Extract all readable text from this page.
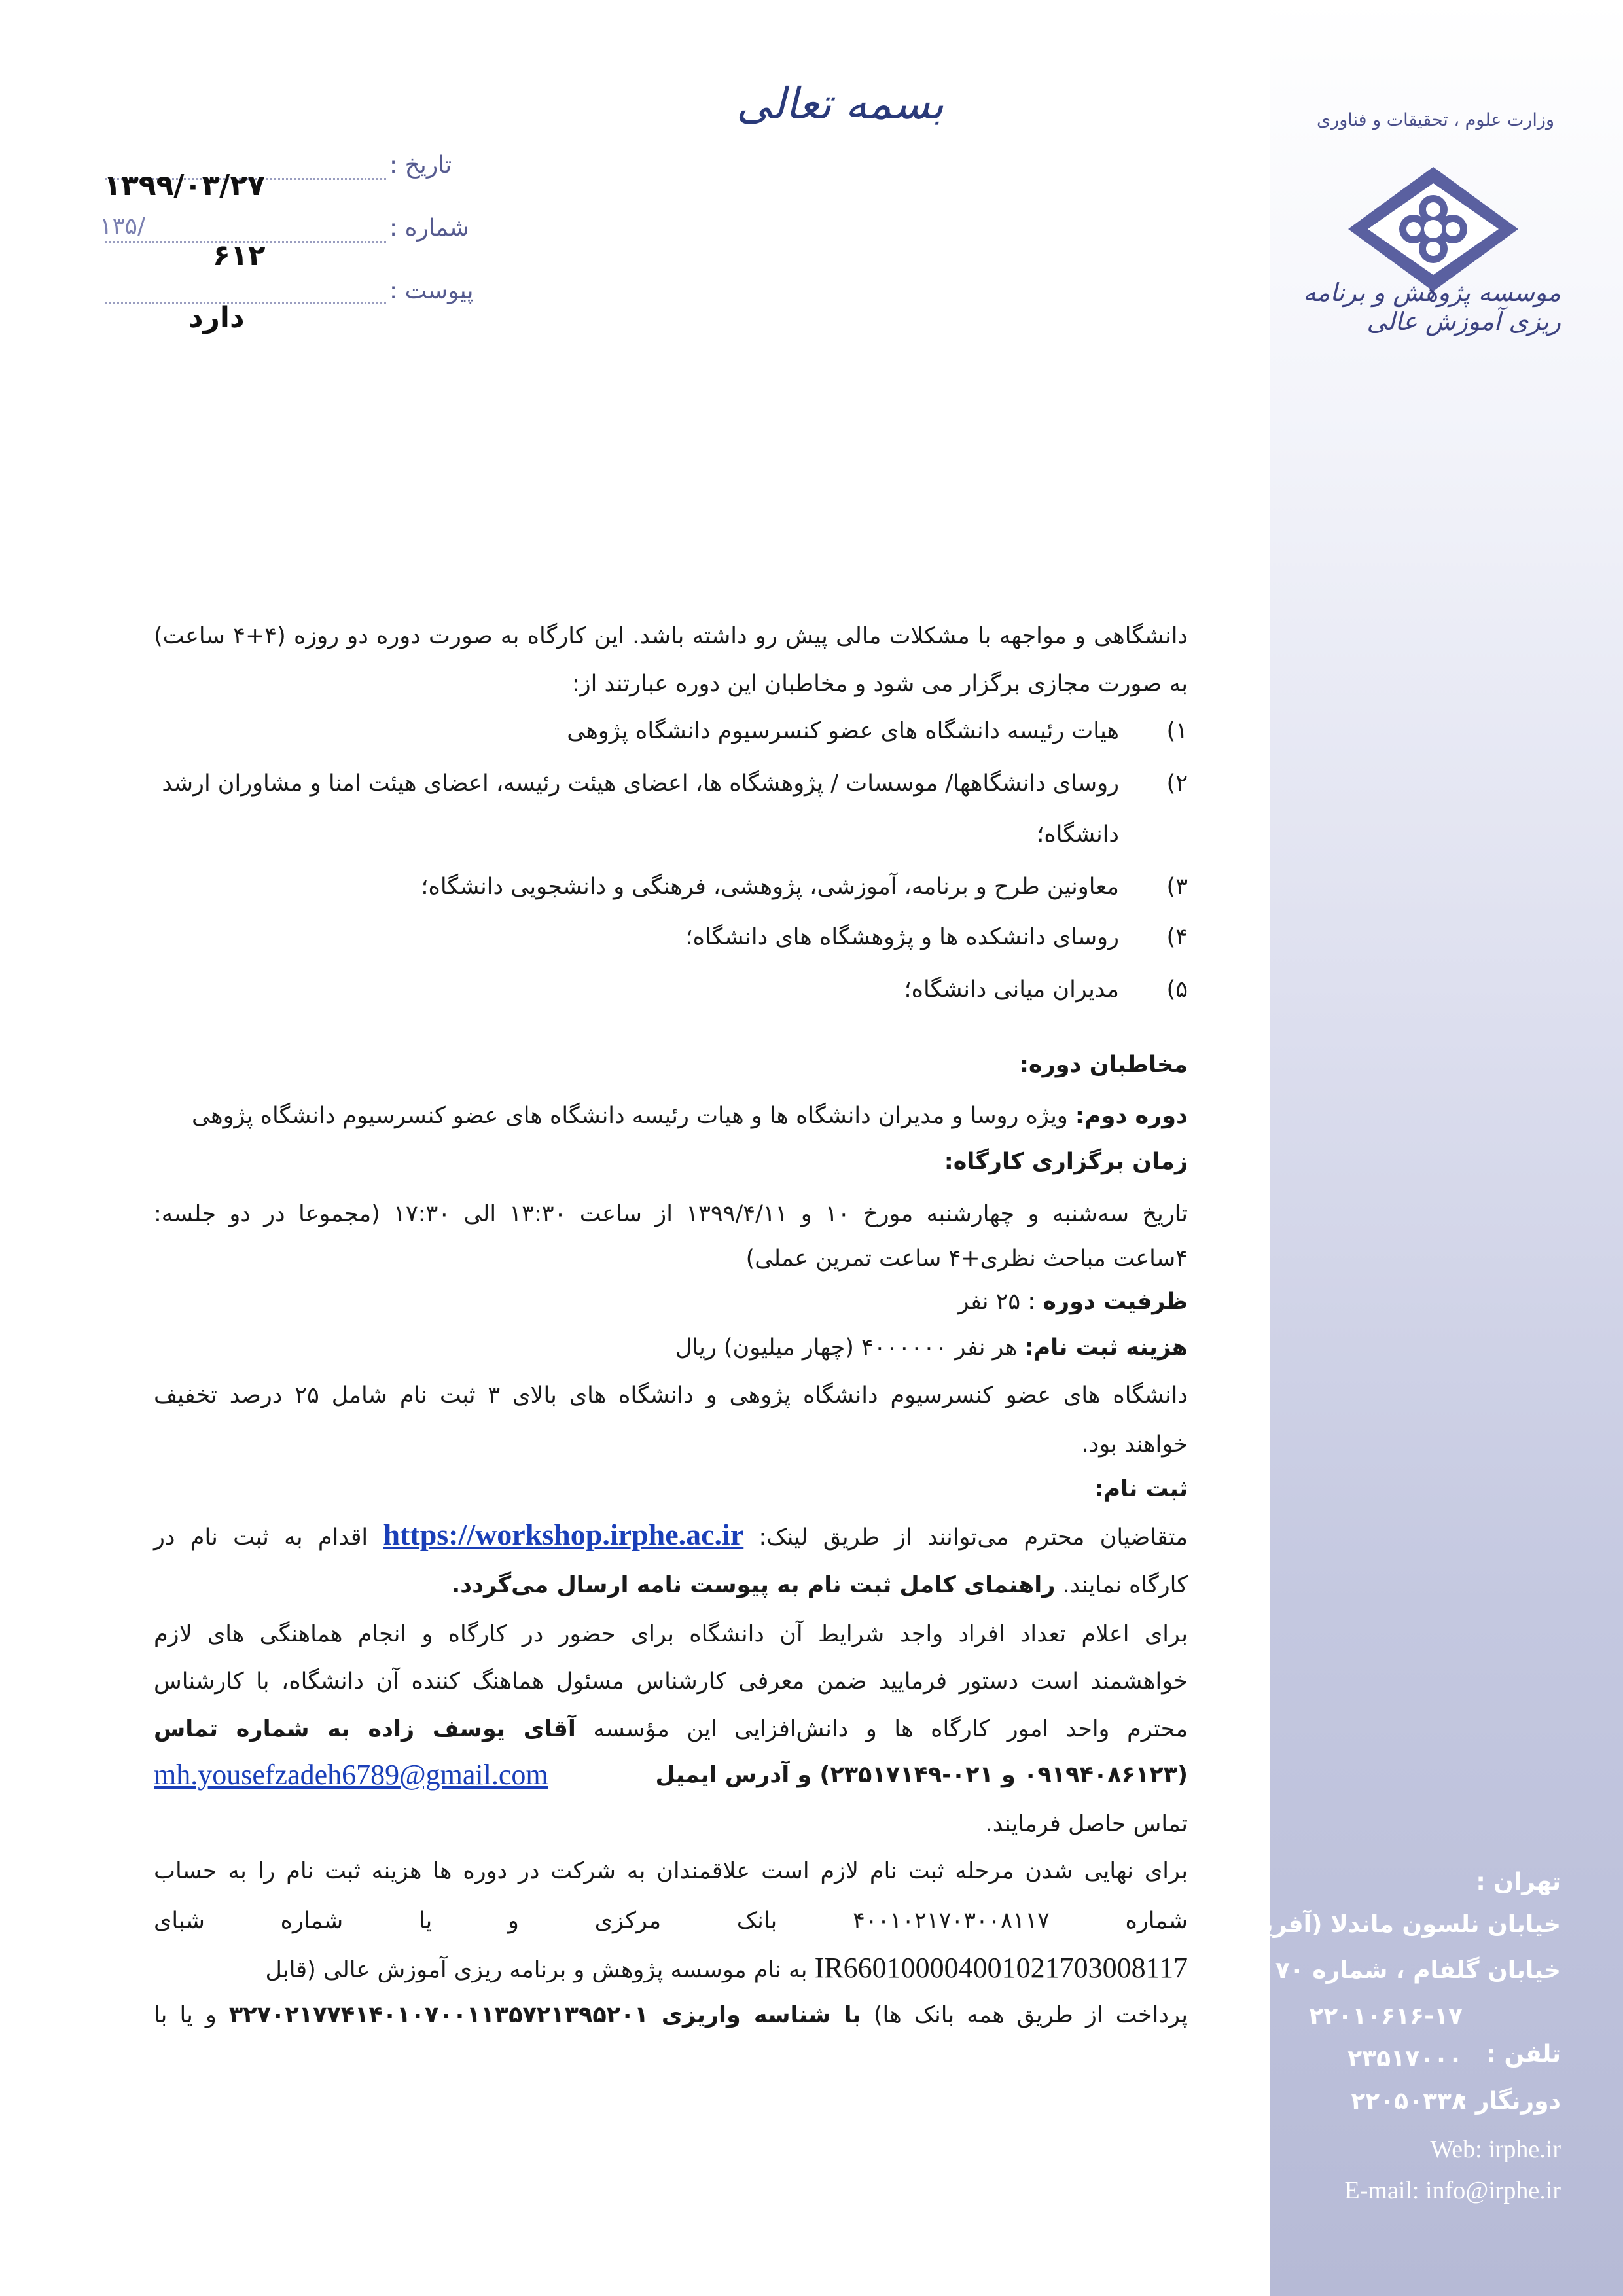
وزارت علوم ، تحقیقات و فناوری
موسسه پژوهش و برنامه ریزی آموزش عالی
تهران :
خیابان نلسون ماندلا (آفریقا)
خیابان گلفام ، شماره ۷۰
۲۲۰۱۰۶۱۶-۱۷
تلفن :
۲۳۵۱۷۰۰۰
دورنگار :
۲۲۰۵۰۳۳۸
Web: irphe.ir
E-mail: info@irphe.ir
بسمه تعالی
تاریخ :
۱۳۹۹/۰۳/۲۷
شماره :
۱۳۵/
۶۱۲
پیوست :
دارد
دانشگاهی و مواجهه با مشکلات مالی پیش رو داشته باشد. این کارگاه به صورت دوره دو روزه (۴+۴ ساعت)
به صورت مجازی برگزار می شود و مخاطبان این دوره عبارتند از:
۱)
هیات رئیسه دانشگاه های عضو کنسرسیوم دانشگاه پژوهی
۲)
روسای دانشگاهها/ موسسات / پژوهشگاه ها، اعضای هیئت رئیسه، اعضای هیئت امنا و مشاوران ارشد
دانشگاه؛
۳)
معاونین طرح و برنامه، آموزشی، پژوهشی، فرهنگی و دانشجویی دانشگاه؛
۴)
روسای دانشکده ها و پژوهشگاه های دانشگاه؛
۵)
مدیران میانی دانشگاه؛
مخاطبان دوره:
دوره دوم: ویژه روسا و مدیران دانشگاه ها و هیات رئیسه دانشگاه های عضو کنسرسیوم دانشگاه پژوهی
زمان برگزاری کارگاه:
تاریخ سه‌شنبه و چهارشنبه مورخ ۱۰ و ۱۳۹۹/۴/۱۱ از ساعت ۱۳:۳۰ الی ۱۷:۳۰ (مجموعا در دو جلسه:
۴ساعت مباحث نظری+۴ ساعت تمرین عملی)
ظرفیت دوره : ۲۵ نفر
هزینه ثبت نام: هر نفر ۴۰۰۰۰۰۰ (چهار میلیون) ریال
دانشگاه های عضو کنسرسیوم دانشگاه پژوهی و دانشگاه های بالای ۳ ثبت نام شامل ۲۵ درصد تخفیف
خواهند بود.
ثبت نام:
متقاضیان محترم می‌توانند از طریق لینک: https://workshop.irphe.ac.ir اقدام به ثبت نام در
کارگاه نمایند. راهنمای کامل ثبت نام به پیوست نامه ارسال می‌گردد.
برای اعلام تعداد افراد واجد شرایط آن دانشگاه برای حضور در کارگاه و انجام هماهنگی های لازم
خواهشمند است دستور فرمایید ضمن معرفی کارشناس مسئول هماهنگ کننده آن دانشگاه، با کارشناس
محترم واحد امور کارگاه ها و دانش‌افزایی این مؤسسه آقای یوسف زاده به شماره تماس
(۰۹۱۹۴۰۸۶۱۲۳ و ۰۲۱-۲۳۵۱۷۱۴۹) و آدرس ایمیل
mh.yousefzadeh6789@gmail.com
تماس حاصل فرمایند.
برای نهایی شدن مرحله ثبت نام لازم است علاقمندان به شرکت در دوره ها هزینه ثبت نام را به حساب
شماره ۴۰۰۱۰۲۱۷۰۳۰۰۸۱۱۷ بانک مرکزی و یا شماره شبای
IR660100004001021703008117 به نام موسسه پژوهش و برنامه ریزی آموزش عالی (قابل
پرداخت از طریق همه بانک ها) با شناسه واریزی ۳۲۷۰۲۱۷۷۴۱۴۰۱۰۷۰۰۱۱۳۵۷۲۱۳۹۵۲۰۱ و یا با
